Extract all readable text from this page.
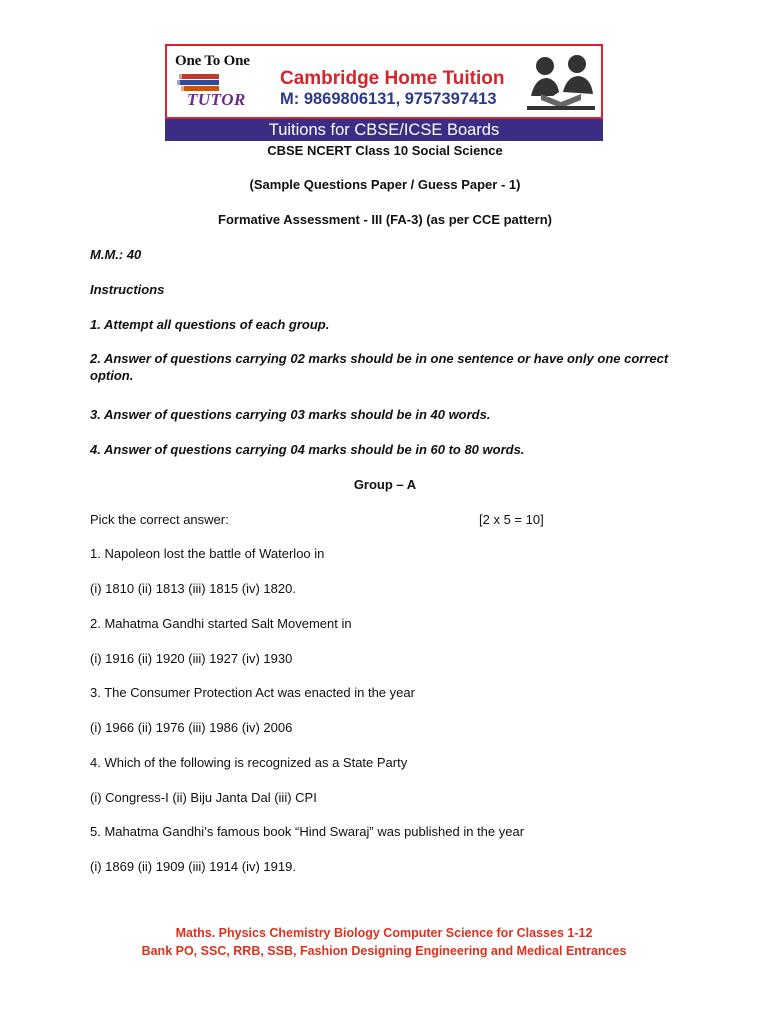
One To One
TUTOR
Cambridge Home Tuition
M: 9869806131, 9757397413
Tuitions for CBSE/ICSE Boards
CBSE NCERT Class 10 Social Science
(Sample Questions Paper / Guess Paper - 1)
Formative Assessment - III (FA-3) (as per CCE pattern)
M.M.: 40
Instructions
1. Attempt all questions of each group.
2. Answer of questions carrying 02 marks should be in one sentence or have only one correct option.
3. Answer of questions carrying 03 marks should be in 40 words.
4. Answer of questions carrying 04 marks should be in 60 to 80 words.
Group – A
Pick the correct answer:	[2 x 5 = 10]
1. Napoleon lost the battle of Waterloo in
(i) 1810 (ii) 1813 (iii) 1815 (iv) 1820.
2. Mahatma Gandhi started Salt Movement in
(i) 1916 (ii) 1920 (iii) 1927 (iv) 1930
3. The Consumer Protection Act was enacted in the year
(i) 1966 (ii) 1976 (iii) 1986 (iv) 2006
4. Which of the following is recognized as a State Party
(i) Congress-I (ii) Biju Janta Dal (iii) CPI
5. Mahatma Gandhi’s famous book “Hind Swaraj” was published in the year
(i) 1869 (ii) 1909 (iii) 1914 (iv) 1919.
Maths. Physics Chemistry Biology Computer Science for Classes 1-12
Bank PO, SSC, RRB, SSB, Fashion Designing Engineering and Medical Entrances
